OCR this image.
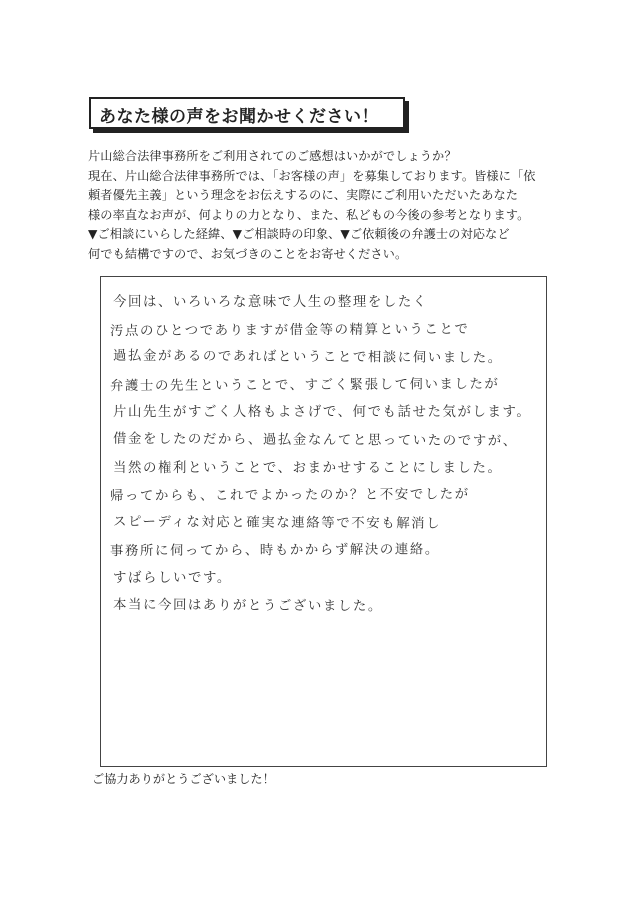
あなた様の声をお聞かせください！
片山総合法律事務所をご利用されてのご感想はいかがでしょうか？
現在、片山総合法律事務所では、「お客様の声」を募集しております。皆様に「依
頼者優先主義」という理念をお伝えするのに、実際にご利用いただいたあなた
様の率直なお声が、何よりの力となり、また、私どもの今後の参考となります。
▼ご相談にいらした経緯、▼ご相談時の印象、▼ご依頼後の弁護士の対応など
何でも結構ですので、お気づきのことをお寄せください。
今回は、いろいろな意味で人生の整理をしたく
汚点のひとつでありますが借金等の精算ということで
過払金があるのであればということで相談に伺いました。
弁護士の先生ということで、すごく緊張して伺いましたが
片山先生がすごく人格もよさげで、何でも話せた気がします。
借金をしたのだから、過払金なんてと思っていたのですが、
当然の権利ということで、おまかせすることにしました。
帰ってからも、これでよかったのか？と不安でしたが
スピーディな対応と確実な連絡等で不安も解消し
事務所に伺ってから、時もかからず解決の連絡。
すばらしいです。
本当に今回はありがとうございました。
ご協力ありがとうございました！
